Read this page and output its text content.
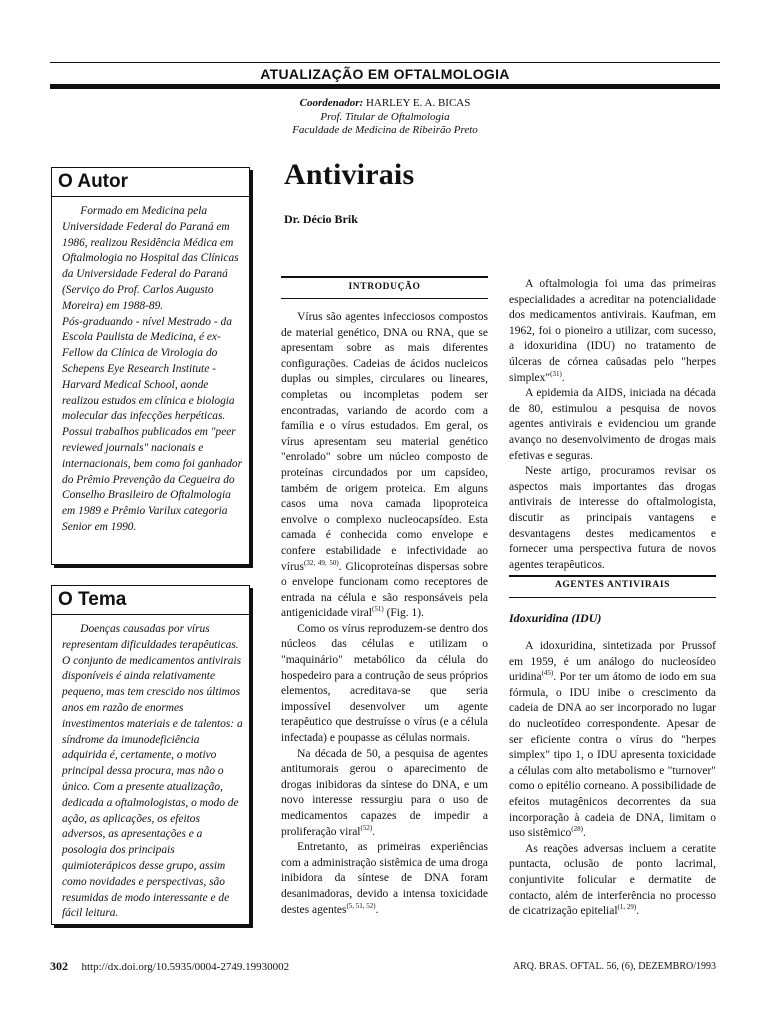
ATUALIZAÇÃO EM OFTALMOLOGIA
Coordenador: HARLEY E. A. BICAS
Prof. Titular de Oftalmologia
Faculdade de Medicina de Ribeirão Preto
O Autor
Formado em Medicina pela Universidade Federal do Paraná em 1986, realizou Residência Médica em Oftalmologia no Hospital das Clínicas da Universidade Federal do Paraná (Serviço do Prof. Carlos Augusto Moreira) em 1988-89.
Pós-graduando - nível Mestrado - da Escola Paulista de Medicina, é ex-Fellow da Clínica de Virologia do Schepens Eye Research Institute - Harvard Medical School, aonde realizou estudos em clínica e biologia molecular das infecções herpéticas.
Possui trabalhos publicados em "peer reviewed journals" nacionais e internacionais, bem como foi ganhador do Prêmio Prevenção da Cegueira do Conselho Brasileiro de Oftalmologia em 1989 e Prêmio Varilux categoria Senior em 1990.
O Tema
Doenças causadas por vírus representam dificuldades terapêuticas. O conjunto de medicamentos antivirais disponíveis é ainda relativamente pequeno, mas tem crescido nos últimos anos em razão de enormes investimentos materiais e de talentos: a síndrome da imunodeficiência adquirida é, certamente, o motivo principal dessa procura, mas não o único. Com a presente atualização, dedicada a oftalmologistas, o modo de ação, as aplicações, os efeitos adversos, as apresentações e a posologia dos principais quimioterápicos desse grupo, assim como novidades e perspectivas, são resumidas de modo interessante e de fácil leitura.
Antivirais
Dr. Décio Brik
INTRODUÇÃO

Vírus são agentes infecciosos compostos de material genético, DNA ou RNA, que se apresentam sobre as mais diferentes configurações. Cadeias de ácidos nucleicos duplas ou simples, circulares ou lineares, completas ou incompletas podem ser encontradas, variando de acordo com a família e o vírus estudados. Em geral, os vírus apresentam seu material genético "enrolado" sobre um núcleo composto de proteínas circundados por um capsídeo, também de origem proteica. Em alguns casos uma nova camada lipoproteica envolve o complexo nucleocapsídeo. Esta camada é conhecida como envelope e confere estabilidade e infectividade ao vírus$^{(32, 49, 50)}$. Glicoproteínas dispersas sobre o envelope funcionam como receptores de entrada na célula e são responsáveis pela antigenicidade viral$^{(51)}$ (Fig. 1).

Como os vírus reproduzem-se dentro dos núcleos das células e utilizam o "maquinário" metabólico da célula do hospedeiro para a contrução de seus próprios elementos, acreditava-se que seria impossível desenvolver um agente terapêutico que destruísse o vírus (e a célula infectada) e poupasse as células normais.

Na década de 50, a pesquisa de agentes antitumorais gerou o aparecimento de drogas inibidoras da síntese do DNA, e um novo interesse ressurgiu para o uso de medicamentos capazes de impedir a proliferação viral$^{(52)}$.

Entretanto, as primeiras experiências com a administração sistêmica de uma droga inibidora da síntese de DNA foram desanimadoras, devido a intensa toxicidade destes agentes$^{(5, 51, 52)}$.

A oftalmologia foi uma das primeiras especialidades a acreditar na potencialidade dos medicamentos antivirais. Kaufman, em 1962, foi o pioneiro a utilizar, com sucesso, a idoxuridina (IDU) no tratamento de úlceras de córnea caûsadas pelo "herpes simplex"$^{(31)}$.

A epidemia da AIDS, iniciada na década de 80, estimulou a pesquisa de novos agentes antivirais e evidenciou um grande avanço no desenvolvimento de drogas mais efetivas e seguras.

Neste artigo, procuramos revisar os aspectos mais importantes das drogas antivirais de interesse do oftalmologista, discutir as principais vantagens e desvantagens destes medicamentos e fornecer uma perspectiva futura de novos agentes terapêuticos.

AGENTES ANTIVIRAIS
Idoxuridina (IDU)

A idoxuridina, sintetizada por Prussof em 1959, é um análogo do nucleosídeo uridina$^{(45)}$. Por ter um átomo de iodo em sua fórmula, o IDU inibe o crescimento da cadeia de DNA ao ser incorporado no lugar do nucleotídeo correspondente. Apesar de ser eficiente contra o vírus do "herpes simplex" tipo 1, o IDU apresenta toxicidade a células com alto metabolismo e "turnover" como o epitélio corneano. A possibilidade de efeitos mutagênicos decorrentes da sua incorporação à cadeia de DNA, limitam o uso sistêmico$^{(28)}$.

As reações adversas incluem a ceratite puntacta, oclusão de ponto lacrimal, conjuntivite folicular e dermatite de contacto, além de interferência no processo de cicatrização epitelial$^{(1, 29)}$.

302 http://dx.doi.org/10.5935/0004-2749.19930002	ARQ. BRAS. OFTAL. 56, (6), DEZEMBRO/1993
